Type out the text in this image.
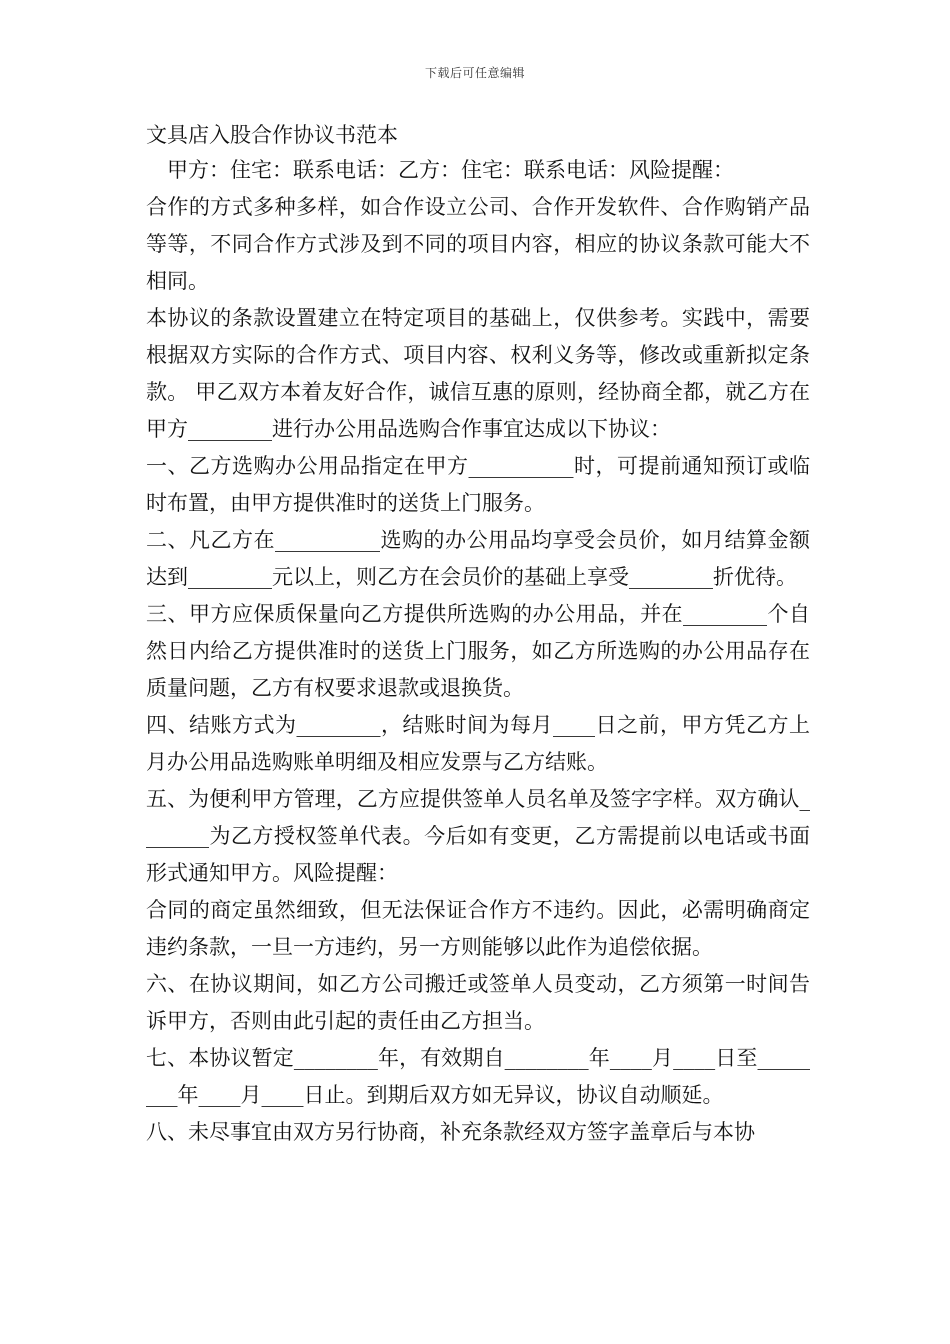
下载后可任意编辑

文具店入股合作协议书范本

甲方：住宅：联系电话：乙方：住宅：联系电话：风险提醒：

合作的方式多种多样，如合作设立公司、合作开发软件、合作购销产品等等，不同合作方式涉及到不同的项目内容，相应的协议条款可能大不相同。

本协议的条款设置建立在特定项目的基础上，仅供参考。实践中，需要根据双方实际的合作方式、项目内容、权利义务等，修改或重新拟定条款。 甲乙双方本着友好合作，诚信互惠的原则，经协商全都，就乙方在甲方________进行办公用品选购合作事宜达成以下协议：

一、乙方选购办公用品指定在甲方__________时，可提前通知预订或临时布置，由甲方提供准时的送货上门服务。

二、凡乙方在__________选购的办公用品均享受会员价，如月结算金额达到________元以上，则乙方在会员价的基础上享受________折优待。

三、甲方应保质保量向乙方提供所选购的办公用品，并在________个自然日内给乙方提供准时的送货上门服务，如乙方所选购的办公用品存在质量问题，乙方有权要求退款或退换货。

四、结账方式为________，结账时间为每月____日之前，甲方凭乙方上月办公用品选购账单明细及相应发票与乙方结账。

五、为便利甲方管理，乙方应提供签单人员名单及签字字样。双方确认_______为乙方授权签单代表。今后如有变更，乙方需提前以电话或书面形式通知甲方。风险提醒：

合同的商定虽然细致，但无法保证合作方不违约。因此，必需明确商定违约条款，一旦一方违约，另一方则能够以此作为追偿依据。

六、在协议期间，如乙方公司搬迁或签单人员变动，乙方须第一时间告诉甲方，否则由此引起的责任由乙方担当。

七、本协议暂定________年，有效期自________年____月____日至________年____月____日止。到期后双方如无异议，协议自动顺延。

八、未尽事宜由双方另行协商，补充条款经双方签字盖章后与本协
